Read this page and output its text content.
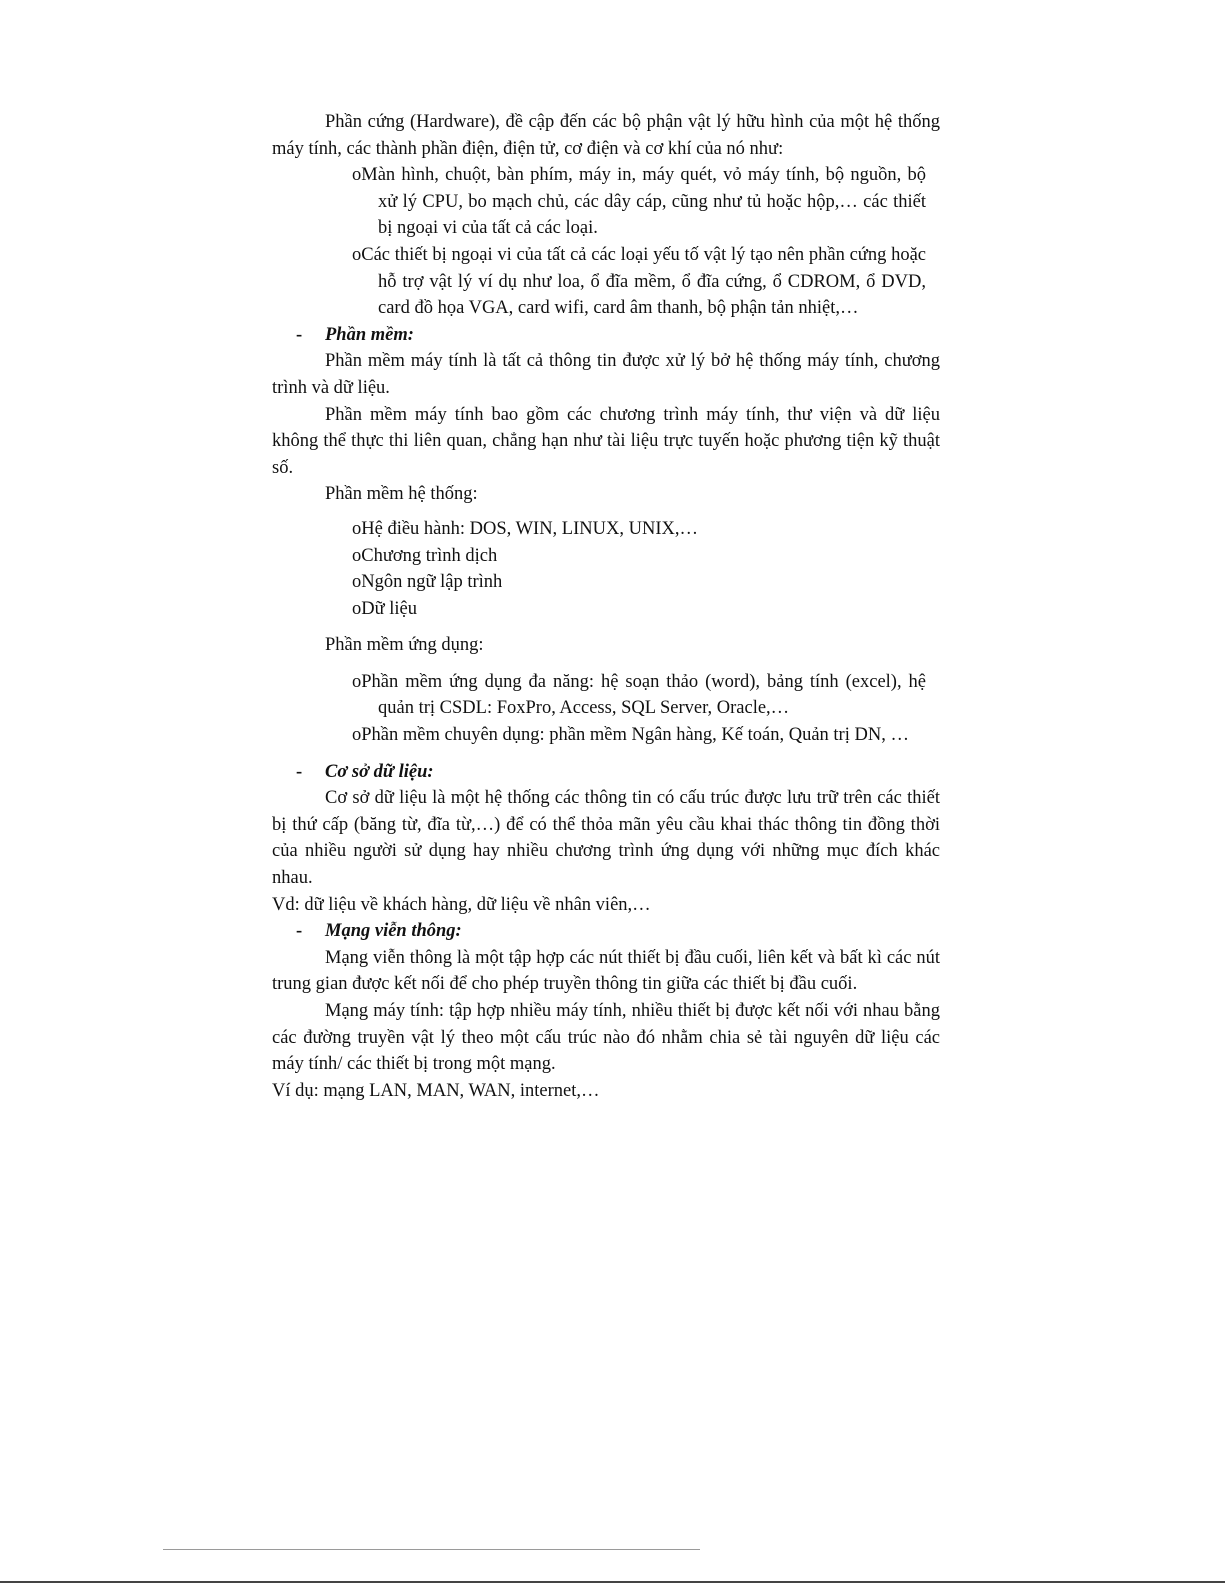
Phần cứng (Hardware), đề cập đến các bộ phận vật lý hữu hình của một hệ thống máy tính, các thành phần điện, điện tử, cơ điện và cơ khí của nó như:

oMàn hình, chuột, bàn phím, máy in, máy quét, vỏ máy tính, bộ nguồn, bộ xử lý CPU, bo mạch chủ, các dây cáp, cũng như tủ hoặc hộp,… các thiết bị ngoại vi của tất cả các loại.

oCác thiết bị ngoại vi của tất cả các loại yếu tố vật lý tạo nên phần cứng hoặc hỗ trợ vật lý ví dụ như loa, ổ đĩa mềm, ổ đĩa cứng, ổ CDROM, ổ DVD, card đồ họa VGA, card wifi, card âm thanh, bộ phận tản nhiệt,…

- Phần mềm:

Phần mềm máy tính là tất cả thông tin được xử lý bở hệ thống máy tính, chương trình và dữ liệu.

Phần mềm máy tính bao gồm các chương trình máy tính, thư viện và dữ liệu không thể thực thi liên quan, chẳng hạn như tài liệu trực tuyến hoặc phương tiện kỹ thuật số.

Phần mềm hệ thống:

oHệ điều hành: DOS, WIN, LINUX, UNIX,…

oChương trình dịch

oNgôn ngữ lập trình

oDữ liệu

Phần mềm ứng dụng:

oPhần mềm ứng dụng đa năng: hệ soạn thảo (word), bảng tính (excel), hệ quản trị CSDL: FoxPro, Access, SQL Server, Oracle,…

oPhần mềm chuyên dụng: phần mềm Ngân hàng, Kế toán, Quản trị DN, …

- Cơ sở dữ liệu:

Cơ sở dữ liệu là một hệ thống các thông tin có cấu trúc được lưu trữ trên các thiết bị thứ cấp (băng từ, đĩa từ,…) để có thể thỏa mãn yêu cầu khai thác thông tin đồng thời của nhiều người sử dụng hay nhiều chương trình ứng dụng với những mục đích khác nhau.

Vd: dữ liệu về khách hàng, dữ liệu về nhân viên,…

- Mạng viễn thông:

Mạng viễn thông là một tập hợp các nút thiết bị đầu cuối, liên kết và bất kì các nút trung gian được kết nối để cho phép truyền thông tin giữa các thiết bị đầu cuối.

Mạng máy tính: tập hợp nhiều máy tính, nhiều thiết bị được kết nối với nhau bằng các đường truyền vật lý theo một cấu trúc nào đó nhằm chia sẻ tài nguyên dữ liệu các máy tính/ các thiết bị trong một mạng.

Ví dụ: mạng LAN, MAN, WAN, internet,…
